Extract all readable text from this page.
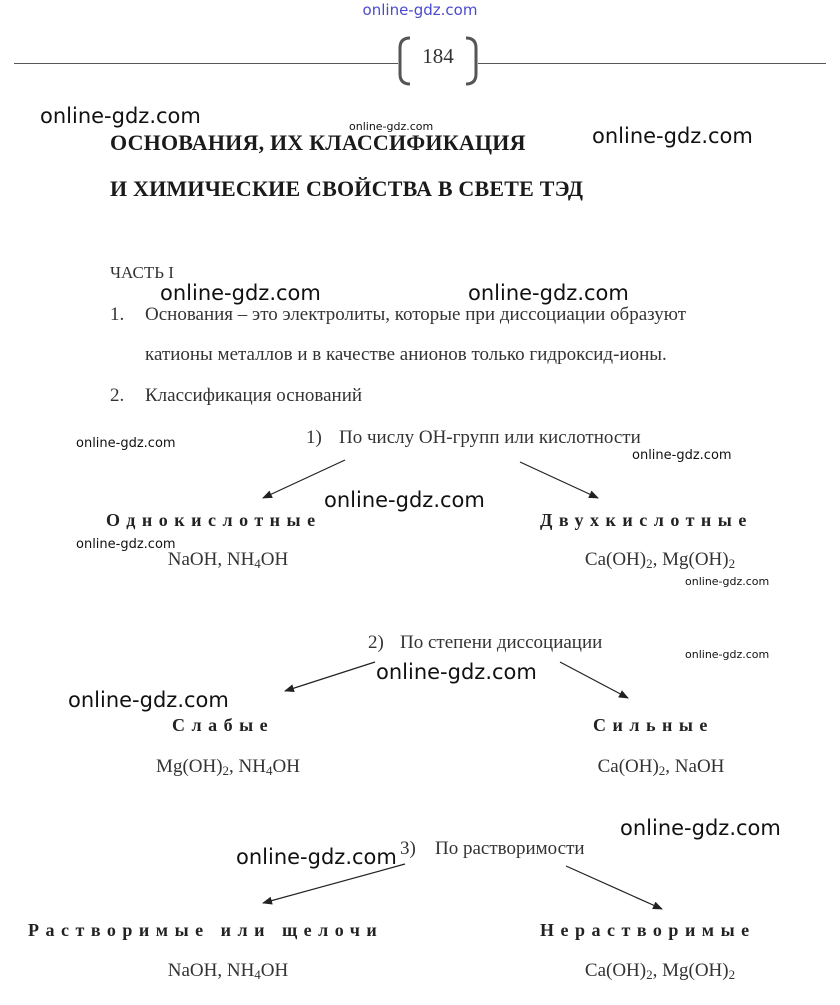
online-gdz.com
184
ОСНОВАНИЯ, ИХ КЛАССИФИКАЦИЯ
И ХИМИЧЕСКИЕ СВОЙСТВА В СВЕТЕ ТЭД
ЧАСТЬ I
1. Основания – это электролиты, которые при диссоциации образуют
катионы металлов и в качестве анионов только гидроксид-ионы.
2. Классификация оснований
1) По числу ОН-групп или кислотности
Однокислотные	Двухкислотные
NaOH, $NH_4OH$	$Ca(OH)_2$, $Mg(OH)_2$
2) По степени диссоциации
Слабые	Сильные
$Mg(OH)_2$, $NH_4OH$	$Ca(OH)_2$, NaOH
3) По растворимости
Растворимые или щелочи	Нерастворимые
NaOH, $NH_4OH$	$Ca(OH)_2$, $Mg(OH)_2$
online-gdz.com	online-gdz.com	online-gdz.com
online-gdz.com	online-gdz.com
online-gdz.com
online-gdz.com
online-gdz.com
online-gdz.com
online-gdz.com
online-gdz.com
online-gdz.com
online-gdz.com
online-gdz.com
online-gdz.com
